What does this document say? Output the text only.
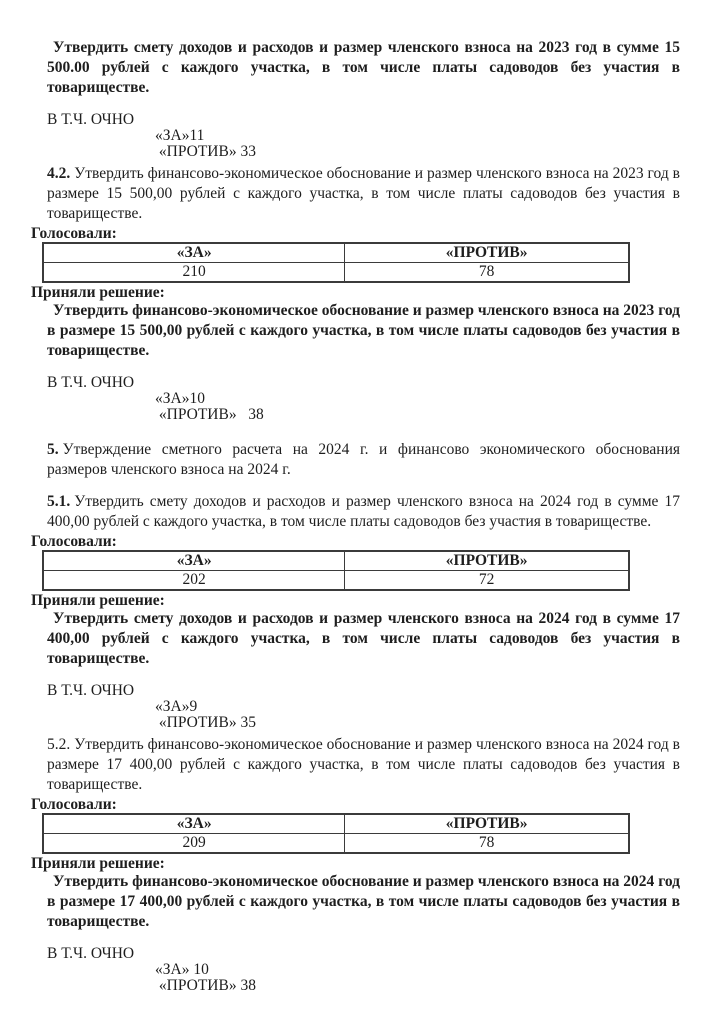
Утвердить смету доходов и расходов и размер членского взноса на 2023 год в сумме 15 500.00 рублей с каждого участка, в том числе платы садоводов без участия в товариществе.

В Т.Ч. ОЧНО

«ЗА»11

«ПРОТИВ» 33

4.2. Утвердить финансово-экономическое обоснование и размер членского взноса на 2023 год в размере 15 500,00 рублей с каждого участка, в том числе платы садоводов без участия в товариществе.

Голосовали:

«ЗА»	«ПРОТИВ»
210	78

Приняли решение:

Утвердить финансово-экономическое обоснование и размер членского взноса на 2023 год в размере 15 500,00 рублей с каждого участка, в том числе платы садоводов без участия в товариществе.

В Т.Ч. ОЧНО

«ЗА»10

«ПРОТИВ»   38

5. Утверждение сметного расчета на 2024 г. и финансово экономического обоснования размеров членского взноса на 2024 г.

5.1. Утвердить смету доходов и расходов и размер членского взноса на 2024 год в сумме 17 400,00 рублей с каждого участка, в том числе платы садоводов без участия в товариществе.

Голосовали:

«ЗА»	«ПРОТИВ»
202	72

Приняли решение:

Утвердить смету доходов и расходов и размер членского взноса на 2024 год в сумме 17 400,00 рублей с каждого участка, в том числе платы садоводов без участия в товариществе.

В Т.Ч. ОЧНО

«ЗА»9

«ПРОТИВ» 35

5.2. Утвердить финансово-экономическое обоснование и размер членского взноса на 2024 год в размере 17 400,00 рублей с каждого участка, в том числе платы садоводов без участия в товариществе.

Голосовали:

«ЗА»	«ПРОТИВ»
209	78

Приняли решение:

Утвердить финансово-экономическое обоснование и размер членского взноса на 2024 год в размере 17 400,00 рублей с каждого участка, в том числе платы садоводов без участия в товариществе.

В Т.Ч. ОЧНО

«ЗА» 10

«ПРОТИВ» 38
